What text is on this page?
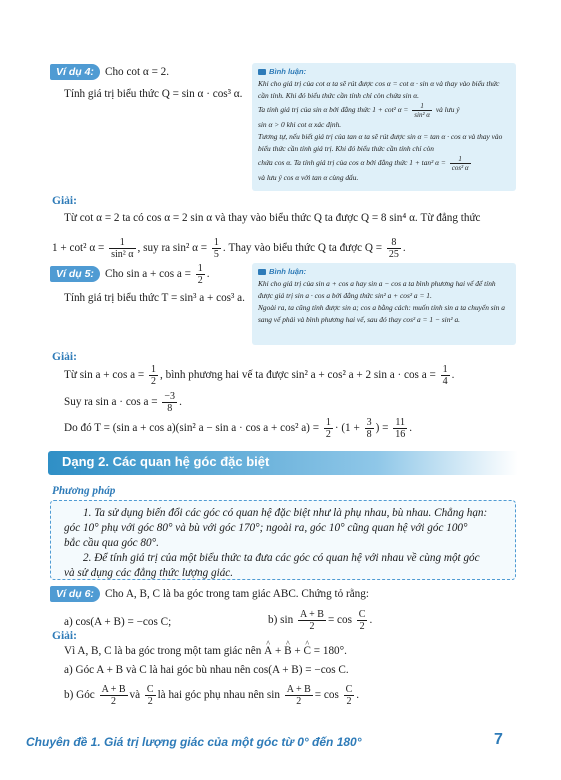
Ví dụ 4: Cho cot α = 2.
Tính giá trị biểu thức Q = sin α · cos³ α.
Bình luận:

Khi cho giá trị của cot α ta sẽ rút được cos α = cot α · sin α và thay vào biểu thức cần tính. Khi đó biểu thức cần tính chỉ còn chứa sin α.

Ta tính giá trị của sin α bởi đẳng thức 1 + cot² $\alpha = \frac{1}{\text{sin² α}}$ và lưu ý

sin α > 0 khi cot α xác định.

Tương tự, nếu biết giá trị của tan α ta sẽ rút được sin α = tan α · cos α và thay vào biểu thức cần tính giá trị. Khi đó biểu thức cần tính chỉ còn

chứa cos α. Ta tính giá trị của cos α bởi đẳng thức 1 + tan² $\alpha = \frac{1}{\text{cos² α}}$

và lưu ý cos α với tan α cùng dấu.

Giải:
Từ cot α = 2 ta có cos α = 2 sin α và thay vào biểu thức Q ta được Q = 8 sin⁴ α. Từ đẳng thức
1 + cot² $\alpha = \frac{1}{\text{sin² α}}$ , suy ra sin² $\alpha = \frac{1}{5}$ . Thay vào biểu thức Q ta được $Q = \frac{8}{25}$ .
Ví dụ 5: Cho $\sin a + \cos a = \frac{1}{2}$ .
Tính giá trị biểu thức T = sin³ a + cos³ a.
Bình luận:

Khi cho giá trị của sin a + cos a hay sin a − cos a ta bình phương hai vế để tính được giá trị sin a · cos a bởi đẳng thức sin² a + cos² a = 1.

Ngoài ra, ta cũng tính được sin a; cos a bằng cách: muốn tính sin a ta chuyển sin a sang vế phải và bình phương hai vế, sau đó thay cos² a = 1 − sin² a.

Giải:
Từ $\sin a + \cos a = \frac{1}{2}$ , bình phương hai vế ta được sin² a + cos² a + 2 $\sin a \cdot \cos a = \frac{1}{4}$ .
Suy ra $\sin a \cdot \cos a = \frac{-3}{8}$ .
Do đó T = (sin a + cos a)(sin² a − sin a · cos a + cos² $a) = \frac{1}{2} \cdot (1 + \frac{3}{8}$ ) = $\frac{11}{16}$ .
Dạng 2. Các quan hệ góc đặc biệt
Phương pháp
1. Ta sử dụng biến đổi các góc có quan hệ đặc biệt như là phụ nhau, bù nhau. Chẳng hạn:
góc 10° phụ với góc 80° và bù với góc 170°; ngoài ra, góc 10° cũng quan hệ với góc 100°
bắc cầu qua góc 80°.
2. Để tính giá trị của một biểu thức ta đưa các góc có quan hệ với nhau về cùng một góc
và sử dụng các đẳng thức lượng giác.
Ví dụ 6: Cho A, B, C là ba góc trong tam giác ABC. Chứng tỏ rằng:
a) cos(A + B) = −cos C;	b) $\sin \frac{A + B}{2} = \cos \frac{C}{2}$ .
Giải:
Vì A, B, C là ba góc trong một tam giác nên ^ A + ^ B + ^ C = 180°.
a) Góc A + B và C là hai góc bù nhau nên cos(A + B) = −cos C.
b) Góc $\frac{A + B}{2}$ và $\frac{C}{2}$ là hai góc phụ nhau nên $\sin \frac{A + B}{2} = \cos \frac{C}{2}$ .
Chuyên đề 1. Giá trị lượng giác của một góc từ 0° đến 180°	7
